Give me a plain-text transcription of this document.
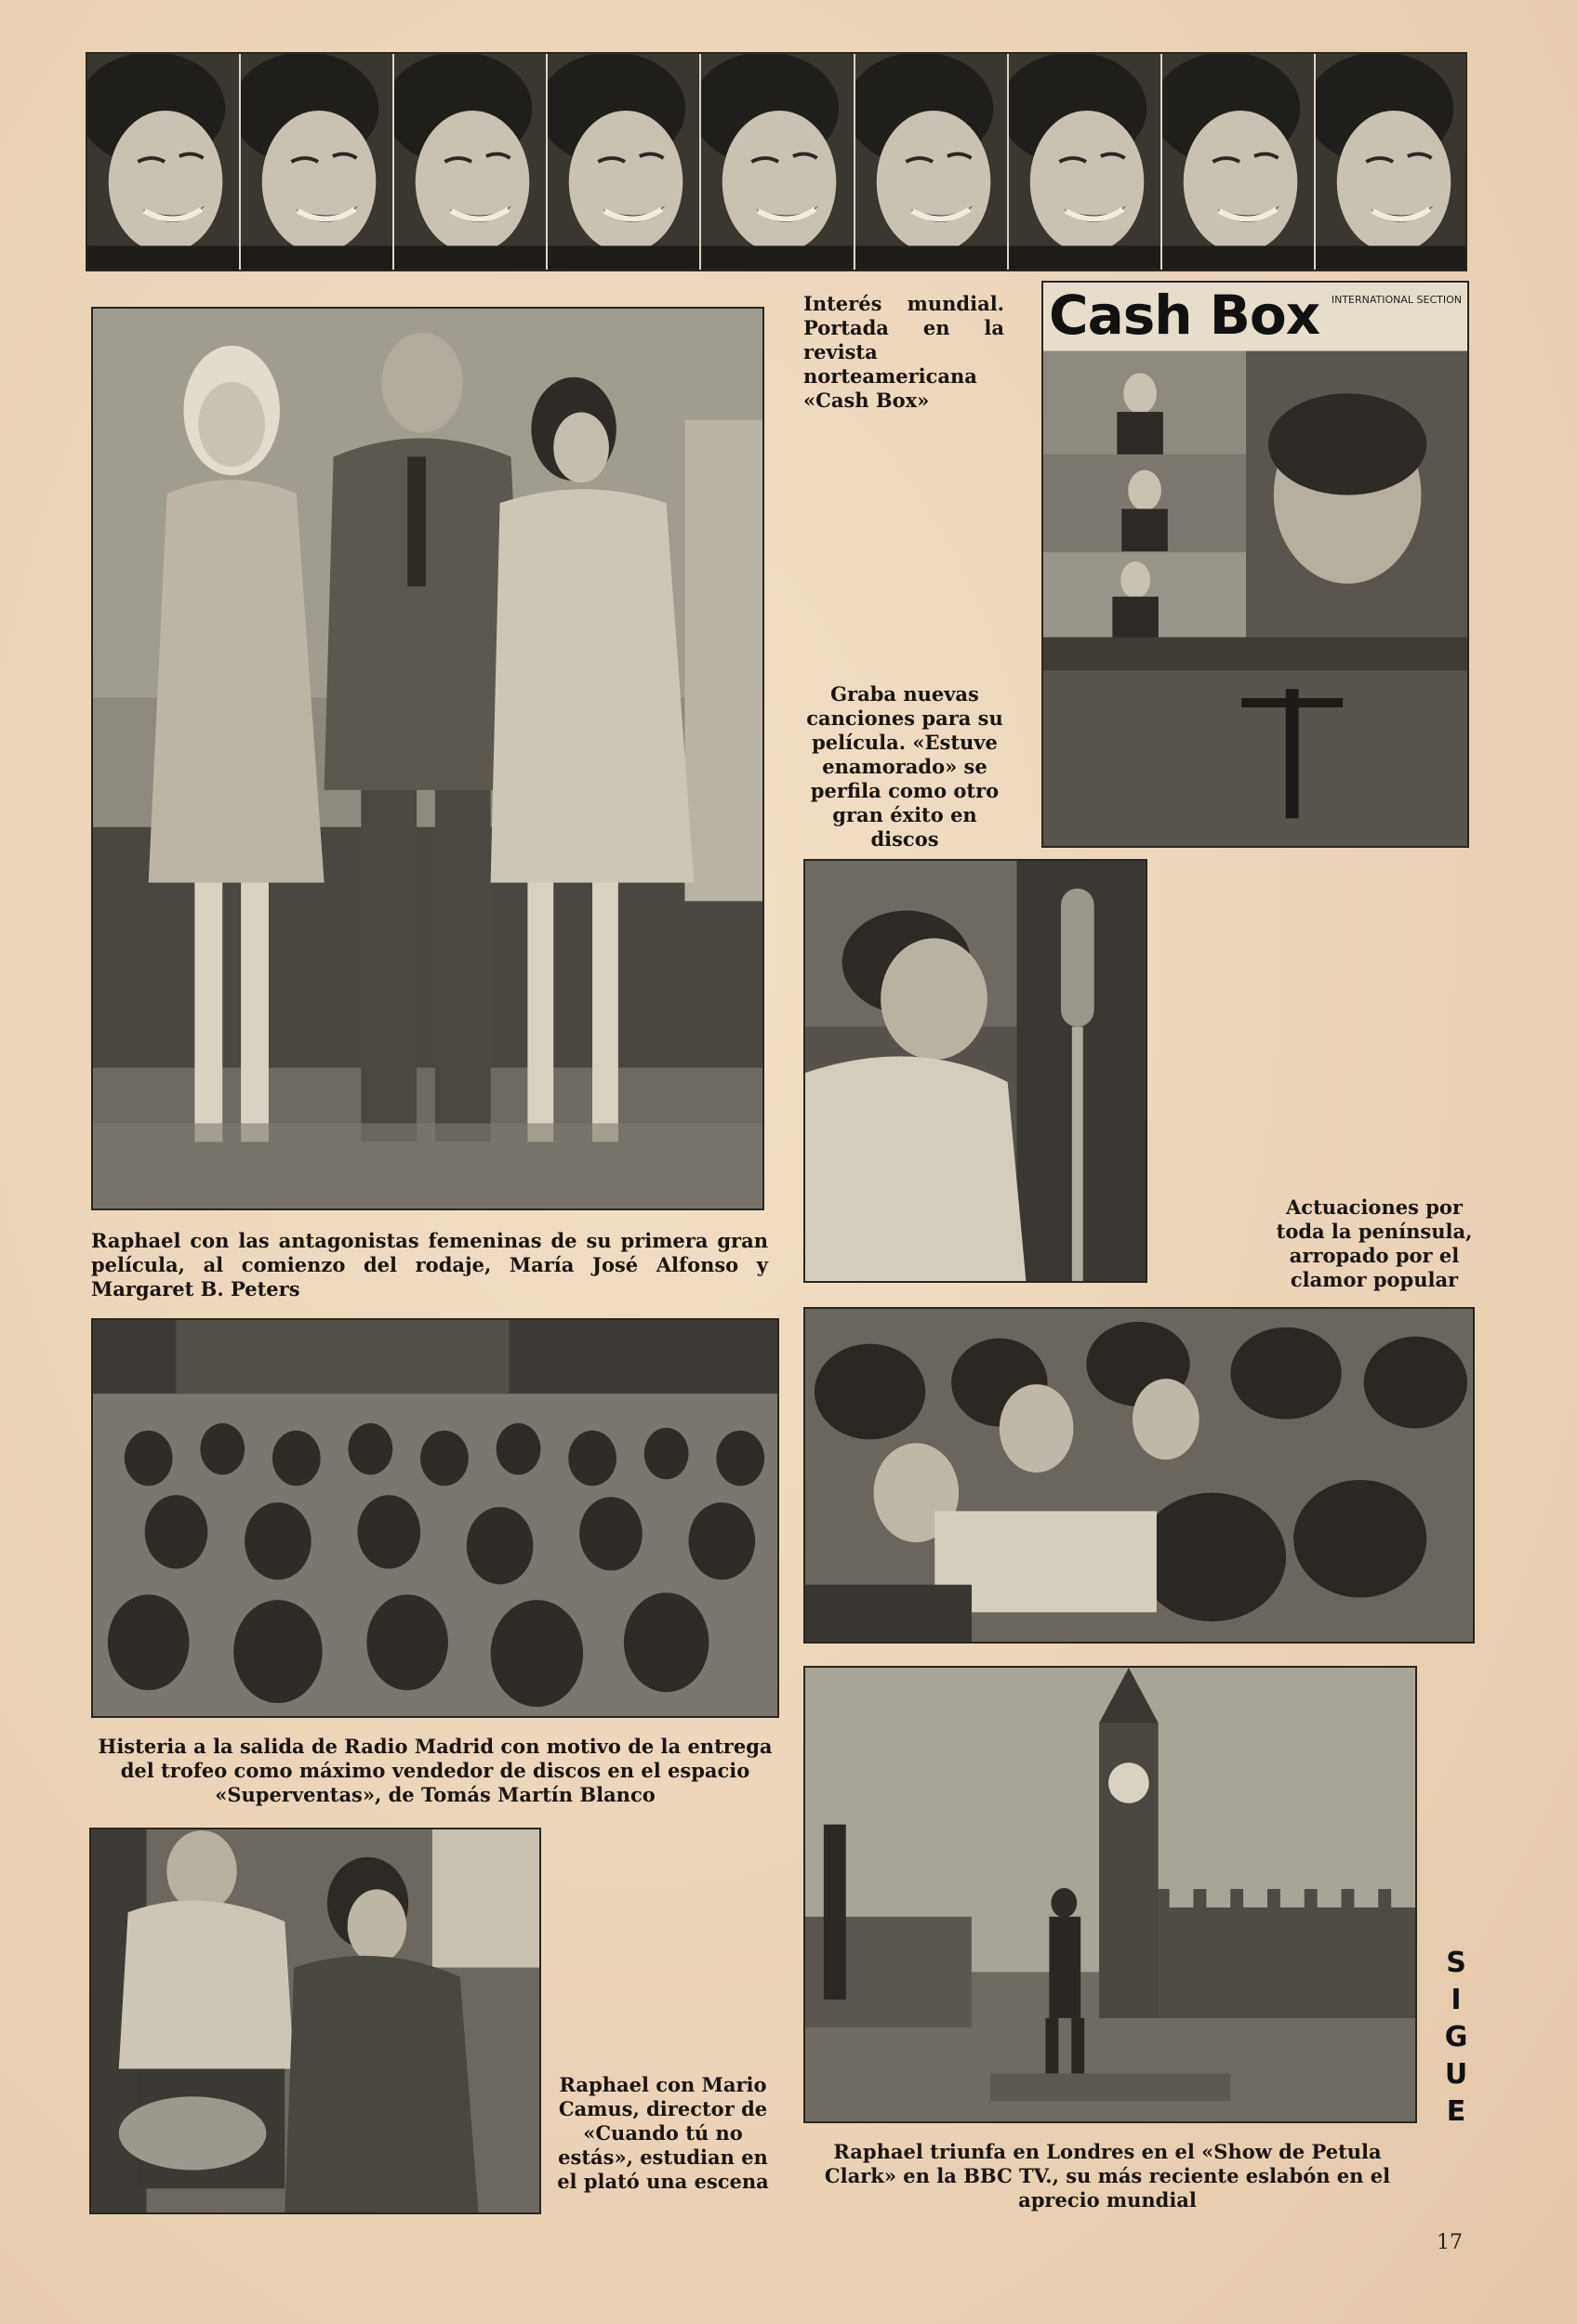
Raphael con las antagonistas femeninas de su primera gran película, al comienzo del rodaje, María José Alfonso y Margaret B. Peters

Cash Box INTERNATIONAL SECTION

Interés mundial. Portada en la revista norteamericana «Cash Box»

Graba nuevas canciones para su película. «Estuve enamorado» se perfila como otro gran éxito en discos

Actuaciones por toda la península, arropado por el clamor popular

Histeria a la salida de Radio Madrid con motivo de la entrega del trofeo como máximo vendedor de discos en el espacio «Superventas», de Tomás Martín Blanco

Raphael con Mario Camus, director de «Cuando tú no estás», estudian en el plató una escena

Raphael triunfa en Londres en el «Show de Petula Clark» en la BBC TV., su más reciente eslabón en el aprecio mundial

S
I
G
U
E
17
